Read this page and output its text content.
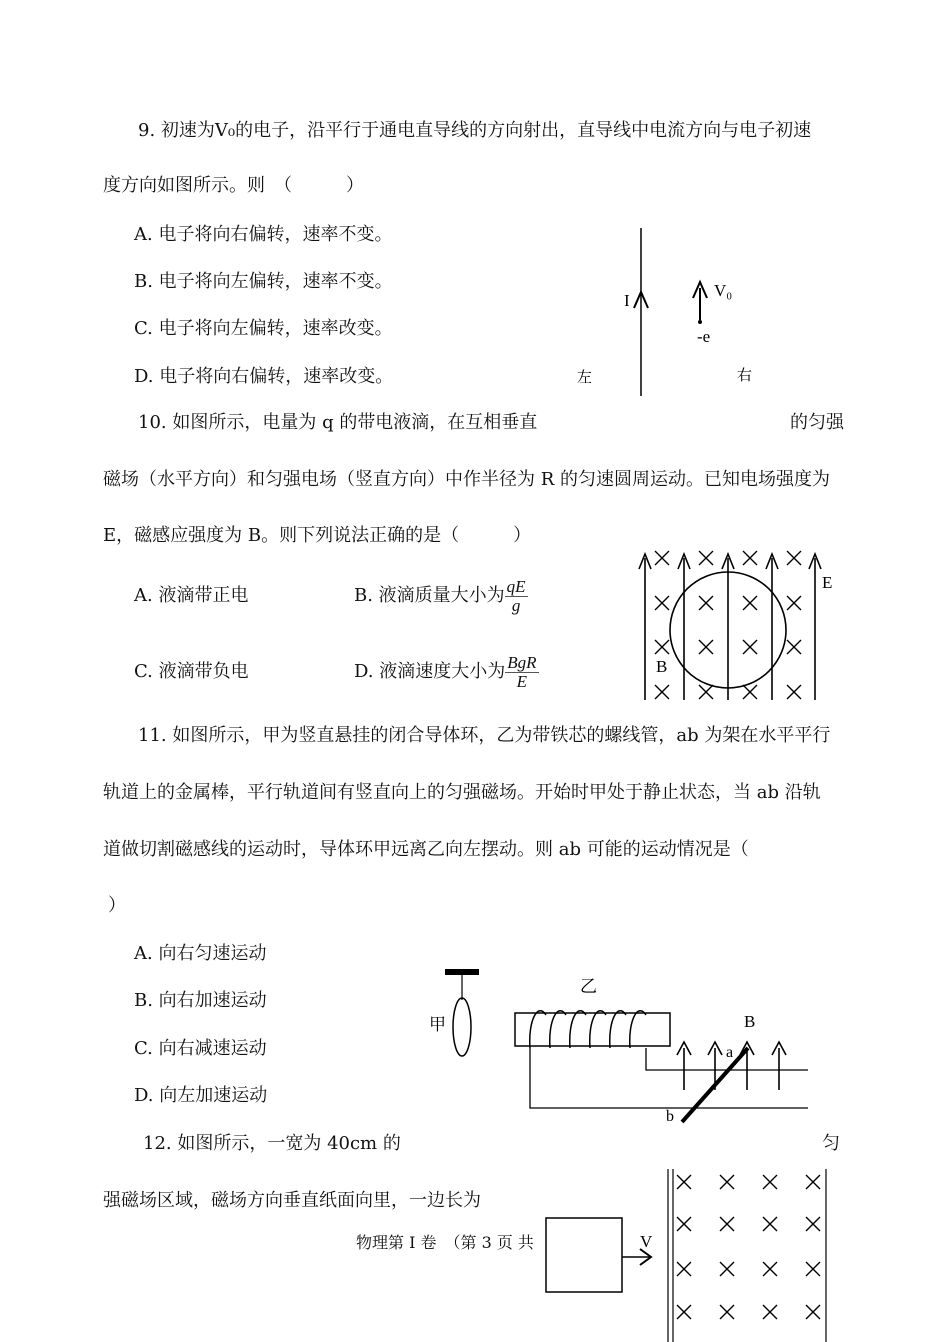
9. 初速为V₀的电子，沿平行于通电直导线的方向射出，直导线中电流方向与电子初速
度方向如图所示。则　（　　　）
A. 电子将向右偏转，速率不变。
B. 电子将向左偏转，速率不变。
C. 电子将向左偏转，速率改变。
D. 电子将向右偏转，速率改变。
I
V₀
-e
左	右
10. 如图所示，电量为 q 的带电液滴，在互相垂直	的匀强
磁场（水平方向）和匀强电场（竖直方向）中作半径为 R 的匀速圆周运动。已知电场强度为
E，磁感应强度为 B。则下列说法正确的是（　　　）
A. 液滴带正电	B. 液滴质量大小为 $\frac{qE}{g}$
C. 液滴带负电	D. 液滴速度大小为 $\frac{\text{BgR}}{E}$
E
B
11. 如图所示，甲为竖直悬挂的闭合导体环，乙为带铁芯的螺线管，ab 为架在水平平行
轨道上的金属棒，平行轨道间有竖直向上的匀强磁场。开始时甲处于静止状态，当 ab 沿轨
道做切割磁感线的运动时，导体环甲远离乙向左摆动。则 ab 可能的运动情况是（
）
A. 向右匀速运动
B. 向右加速运动
C. 向右减速运动
D. 向左加速运动
甲
乙
B
a
b
12. 如图所示，一宽为 40cm 的	匀
强磁场区域，磁场方向垂直纸面向里，一边长为
V
物理第 I 卷　（第 3 页 共
